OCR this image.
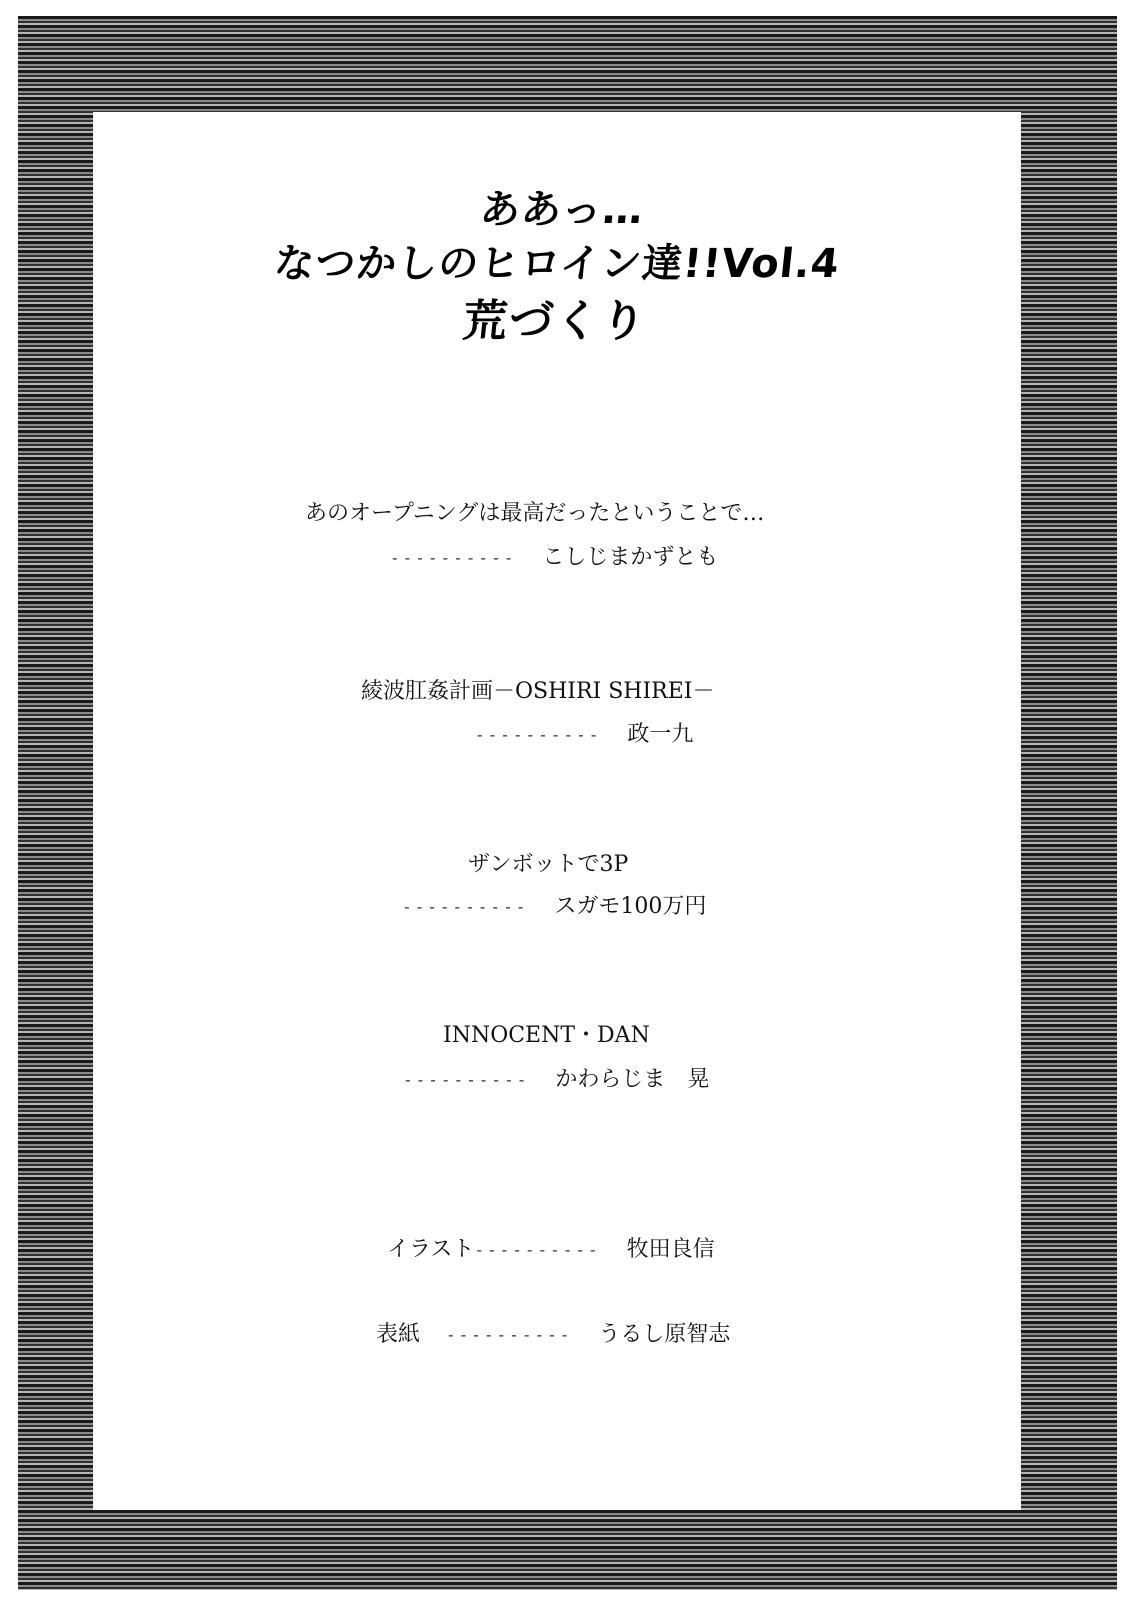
ああっ…
なつかしのヒロイン達!!Vol.4
荒づくり
あのオープニングは最高だったということで…
---------- こしじまかずとも
綾波肛姦計画－OSHIRI SHIREI－
---------- 政一九
ザンボットで3P
---------- スガモ100万円
INNOCENT・DAN
---------- かわらじま　晃
イラスト---------- 牧田良信
表紙 ---------- うるし原智志
